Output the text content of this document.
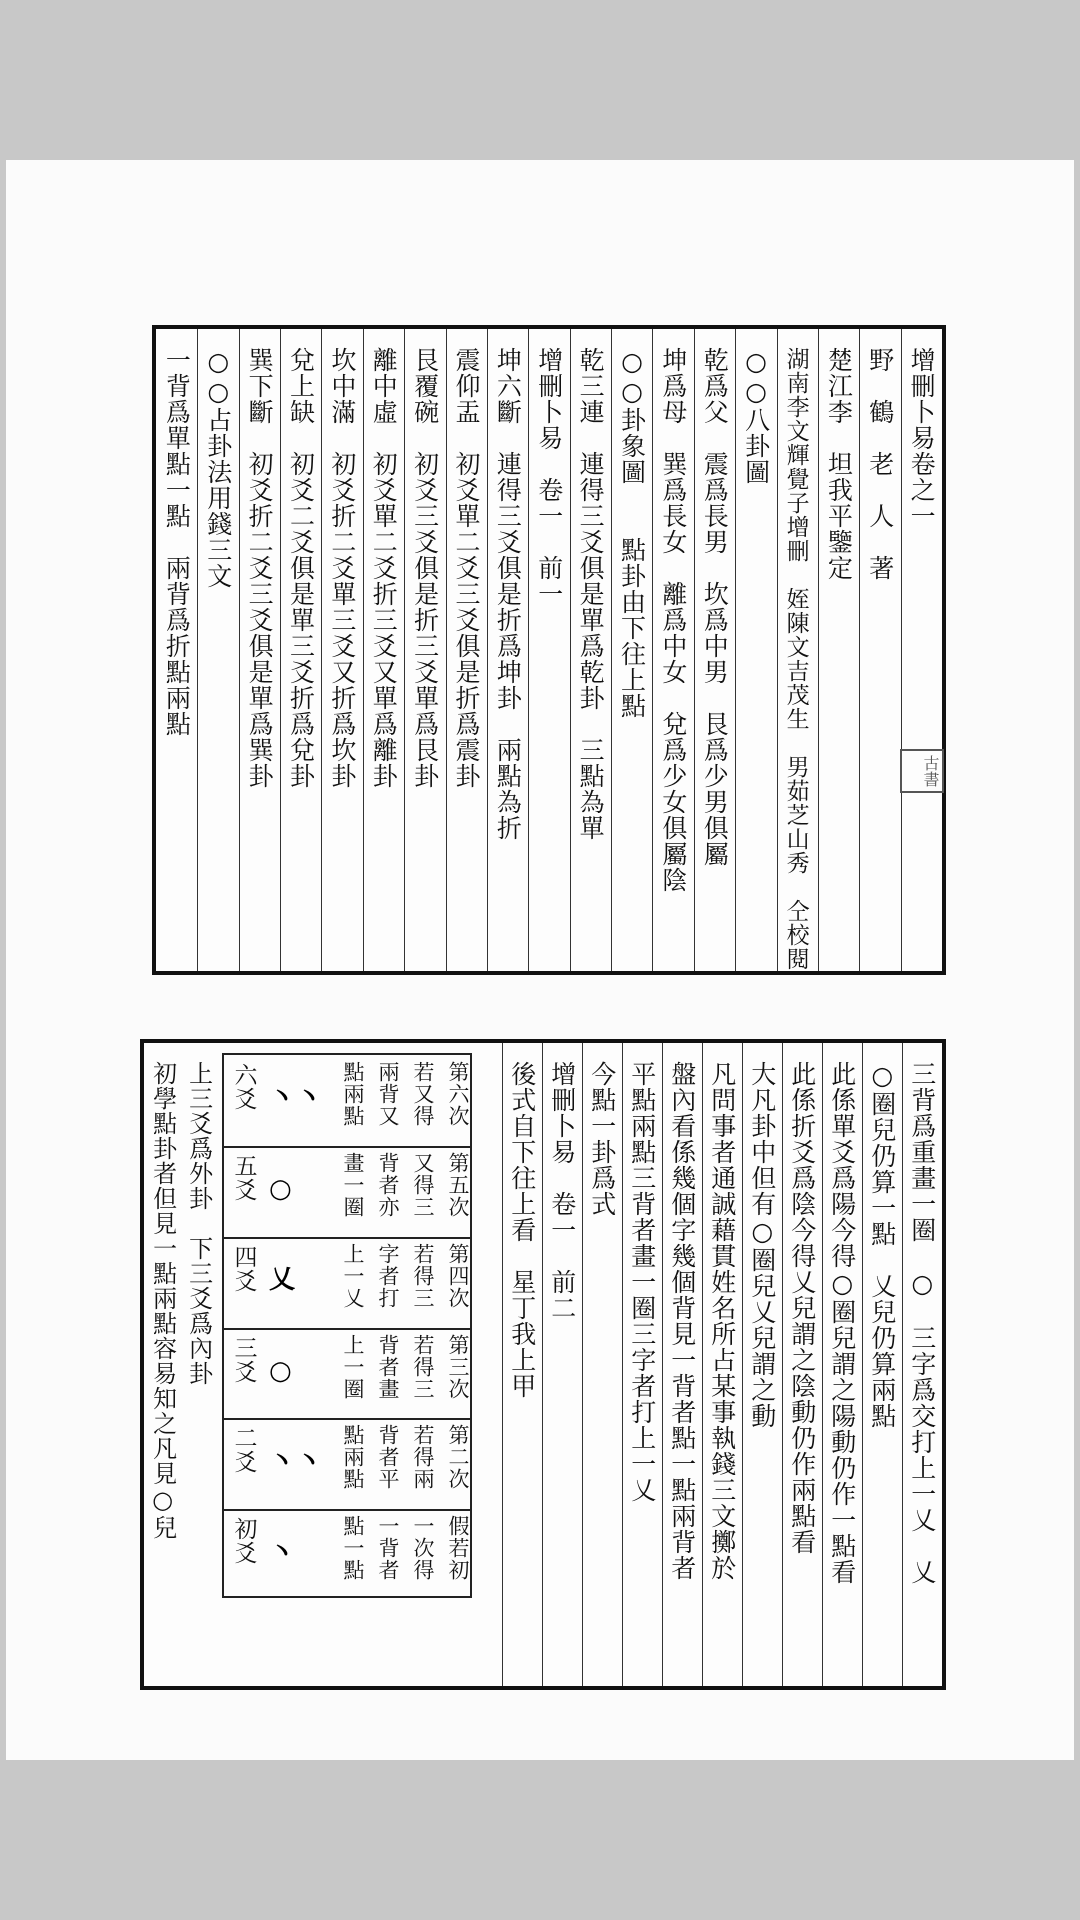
增刪卜易卷之一
野　鶴　老　人　著
楚江李　坦我平鑒定
湖南李文輝覺子增刪　姪陳文吉茂生　男茹芝山秀　仝校閱
○○八卦圖
乾爲父　震爲長男　坎爲中男　艮爲少男俱屬
坤爲母　巽爲長女　離爲中女　兌爲少女俱屬陰
○○卦象圖　　點卦由下往上點
乾三連　連得三爻俱是單爲乾卦　三點為單
增刪卜易　卷一　前一
坤六斷　連得三爻俱是折爲坤卦　兩點為折
震仰盂　初爻單二爻三爻俱是折爲震卦
艮覆碗　初爻三爻俱是折三爻單爲艮卦
離中虛　初爻單二爻折三爻又單爲離卦
坎中滿　初爻折二爻單三爻又折爲坎卦
兌上缺　初爻二爻俱是單三爻折爲兌卦
巽下斷　初爻折二爻三爻俱是單爲巽卦
○○占卦法用錢三文
一背爲單點一點　兩背爲折點兩點
古書
三背爲重畫一圈　○　三字爲交打上一乂　乂
○圈兒仍算一點　乂兒仍算兩點
此係單爻爲陽今得○圈兒謂之陽動仍作一點看
此係折爻爲陰今得乂兒謂之陰動仍作兩點看
大凡卦中但有○圈兒乂兒謂之動
凡問事者通誠藉貫姓名所占某事執錢三文擲於
盤內看係幾個字幾個背見一背者點一點兩背者
平點兩點三背者畫一圈三字者打上一乂
今點一卦爲式
增刪卜易　卷一　前二
後式自下往上看　星丁我上甲
假若初
一次得
一背者
點一點
丶
初爻
第二次
若得兩
背者平
點兩點
丶丶
二爻
第三次
若得三
背者畫
上一圈
○
三爻
第四次
若得三
字者打
上一乂
乂
四爻
第五次
又得三
背者亦
畫一圈
○
五爻
第六次
若又得
兩背又
點兩點
丶丶
六爻
上三爻爲外卦　下三爻爲內卦
初學點卦者但見一點兩點容易知之凡見○兒
